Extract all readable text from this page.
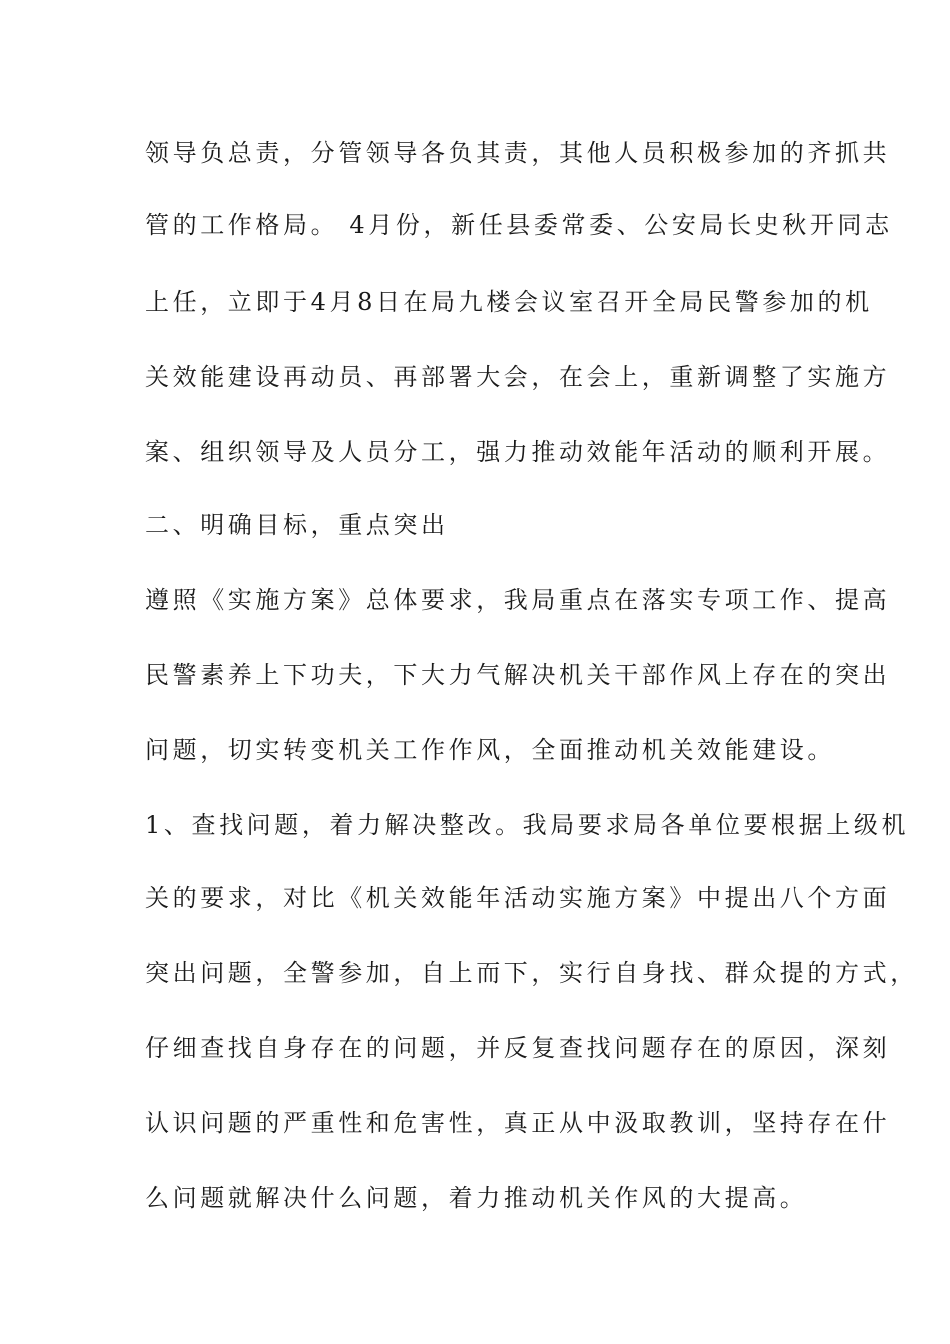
领导负总责，分管领导各负其责，其他人员积极参加的齐抓共

管的工作格局。 4月份，新任县委常委、公安局长史秋开同志

上任，立即于4月8日在局九楼会议室召开全局民警参加的机

关效能建设再动员、再部署大会，在会上，重新调整了实施方

案、组织领导及人员分工，强力推动效能年活动的顺利开展。

二、明确目标，重点突出

遵照《实施方案》总体要求，我局重点在落实专项工作、提高

民警素养上下功夫，下大力气解决机关干部作风上存在的突出

问题，切实转变机关工作作风，全面推动机关效能建设。

1、查找问题，着力解决整改。我局要求局各单位要根据上级机

关的要求，对比《机关效能年活动实施方案》中提出八个方面

突出问题，全警参加，自上而下，实行自身找、群众提的方式，

仔细查找自身存在的问题，并反复查找问题存在的原因，深刻

认识问题的严重性和危害性，真正从中汲取教训，坚持存在什

么问题就解决什么问题，着力推动机关作风的大提高。
